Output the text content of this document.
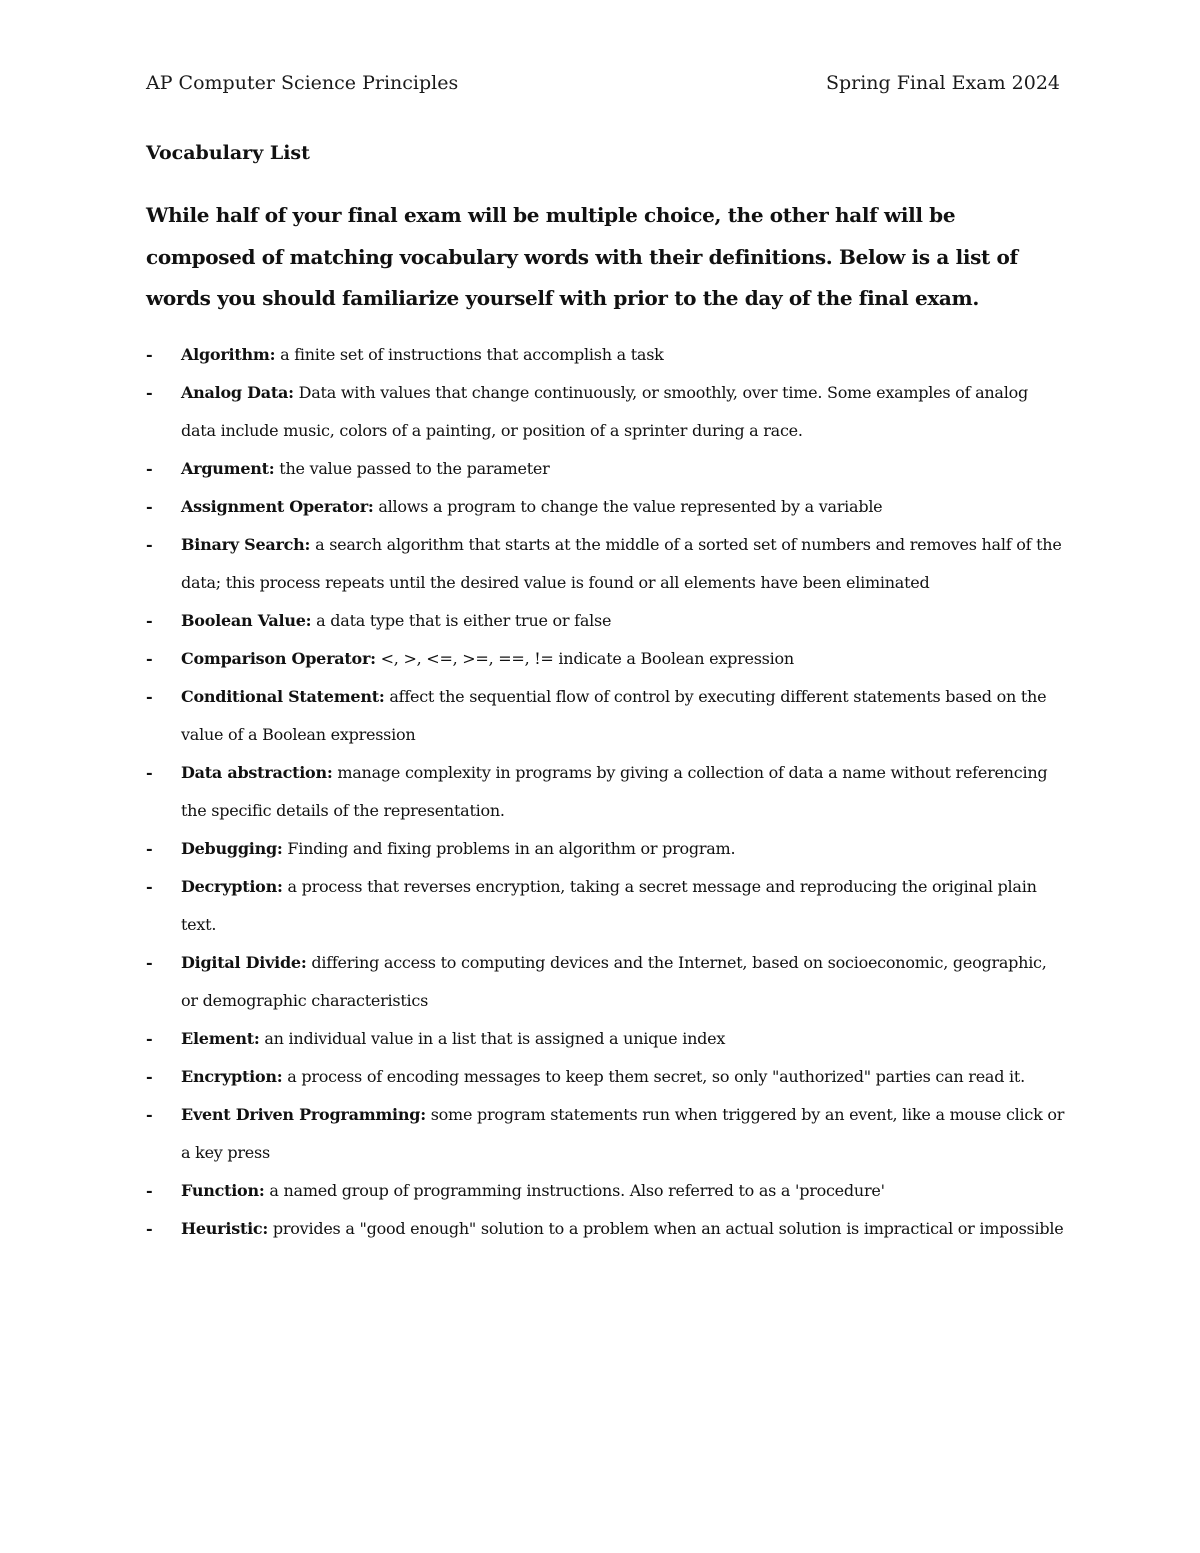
AP Computer Science Principles	Spring Final Exam 2024
Vocabulary List
While half of your final exam will be multiple choice, the other half will be composed of matching vocabulary words with their definitions. Below is a list of words you should familiarize yourself with prior to the day of the final exam.
-	Algorithm: a finite set of instructions that accomplish a task
-	Analog Data: Data with values that change continuously, or smoothly, over time. Some examples of analog data include music, colors of a painting, or position of a sprinter during a race.
-	Argument: the value passed to the parameter
-	Assignment Operator: allows a program to change the value represented by a variable
-	Binary Search: a search algorithm that starts at the middle of a sorted set of numbers and removes half of the data; this process repeats until the desired value is found or all elements have been eliminated
-	Boolean Value: a data type that is either true or false
-	Comparison Operator: <, >, <=, >=, ==, != indicate a Boolean expression
-	Conditional Statement: affect the sequential flow of control by executing different statements based on the value of a Boolean expression
-	Data abstraction: manage complexity in programs by giving a collection of data a name without referencing the specific details of the representation.
-	Debugging: Finding and fixing problems in an algorithm or program.
-	Decryption: a process that reverses encryption, taking a secret message and reproducing the original plain text.
-	Digital Divide: differing access to computing devices and the Internet, based on socioeconomic, geographic, or demographic characteristics
-	Element: an individual value in a list that is assigned a unique index
-	Encryption: a process of encoding messages to keep them secret, so only "authorized" parties can read it.
-	Event Driven Programming: some program statements run when triggered by an event, like a mouse click or a key press
-	Function: a named group of programming instructions. Also referred to as a 'procedure'
-	Heuristic: provides a "good enough" solution to a problem when an actual solution is impractical or impossible
